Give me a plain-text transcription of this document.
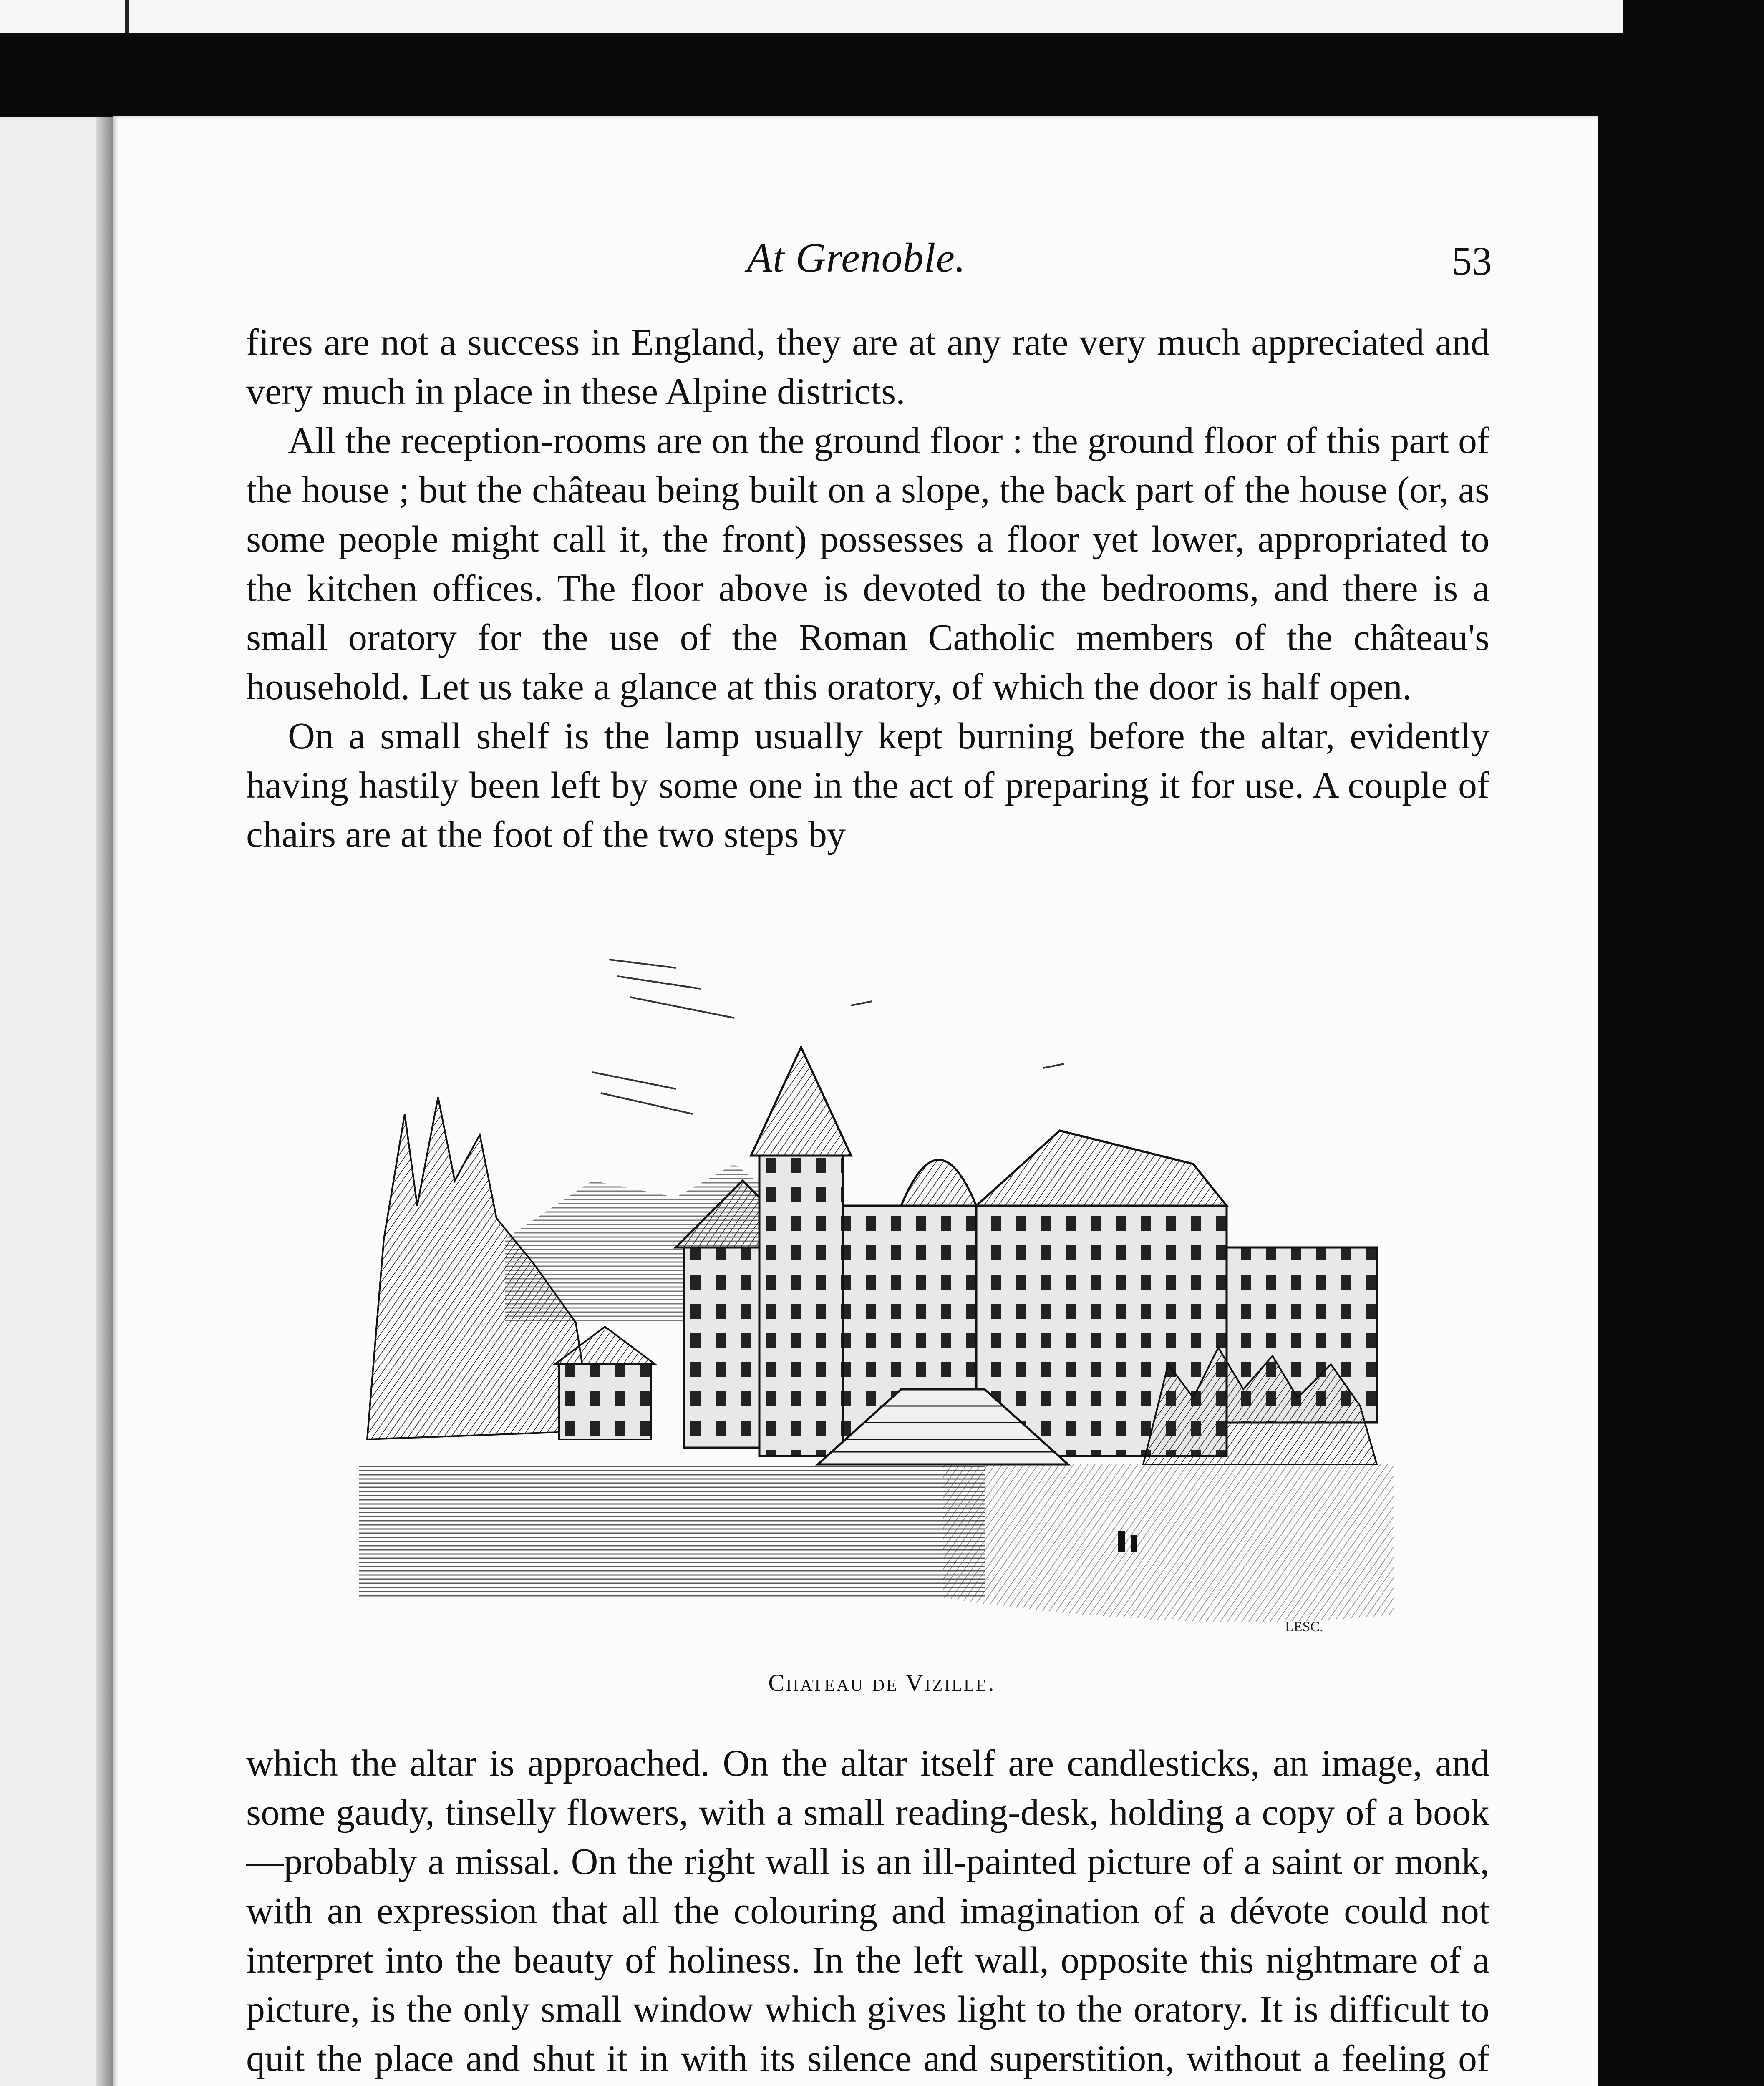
At Grenoble.	53

fires are not a success in England, they are at any rate very much appreciated and very much in place in these Alpine districts.

All the reception-rooms are on the ground floor : the ground floor of this part of the house ; but the château being built on a slope, the back part of the house (or, as some people might call it, the front) possesses a floor yet lower, appropriated to the kitchen offices. The floor above is devoted to the bedrooms, and there is a small oratory for the use of the Roman Catholic members of the château's household. Let us take a glance at this oratory, of which the door is half open.

On a small shelf is the lamp usually kept burning before the altar, evidently having hastily been left by some one in the act of preparing it for use. A couple of chairs are at the foot of the two steps by

LESC.
Chateau de Vizille.

which the altar is approached. On the altar itself are candlesticks, an image, and some gaudy, tinselly flowers, with a small reading-desk, holding a copy of a book—probably a missal. On the right wall is an ill-painted picture of a saint or monk, with an expression that all the colouring and imagination of a dévote could not interpret into the beauty of holiness. In the left wall, opposite this nightmare of a picture, is the only small window which gives light to the oratory. It is difficult to quit the place and shut it in with its silence and superstition, without a feeling of
